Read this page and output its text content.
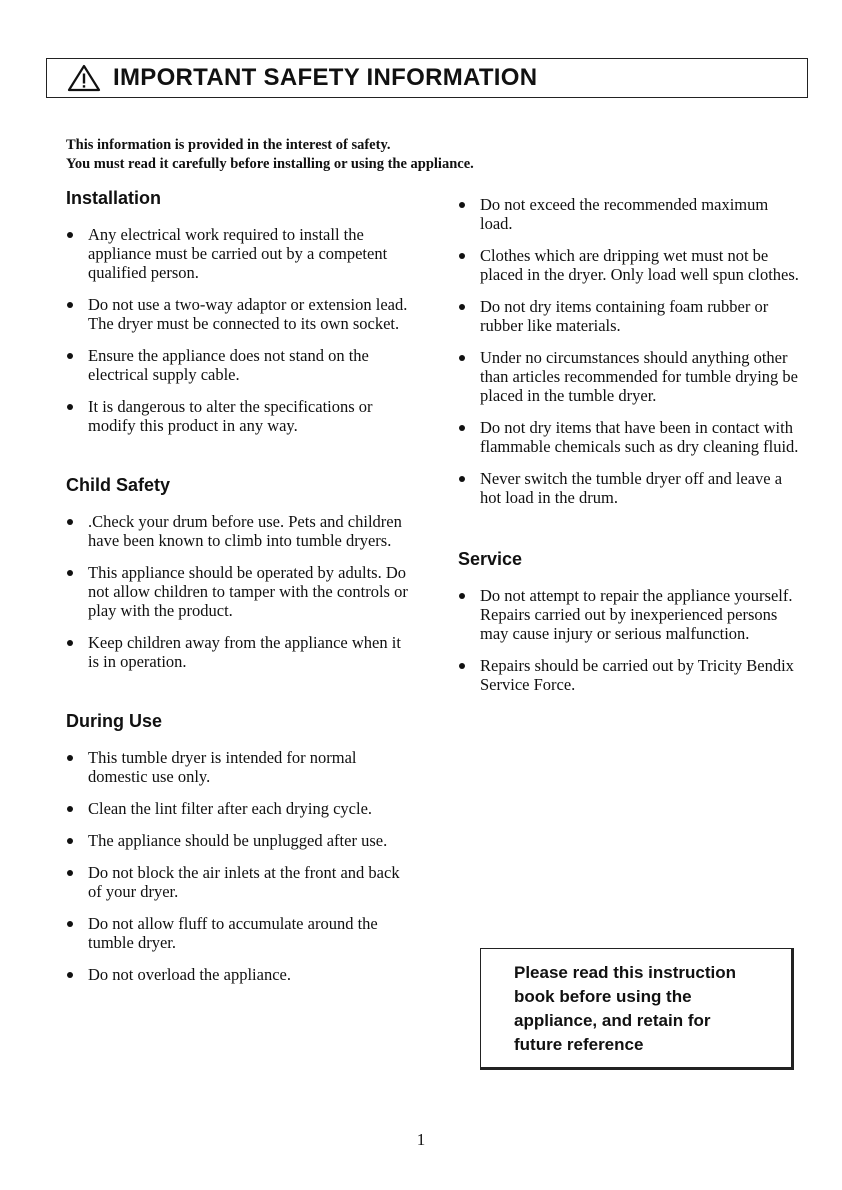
IMPORTANT SAFETY INFORMATION
This information is provided in the interest of safety.
You must read it carefully before installing or using the appliance.
Installation
Any electrical work required to install the appliance must be carried out by a competent qualified person.
Do not use a two-way adaptor or extension lead. The dryer must be connected to its own socket.
Ensure the appliance does not stand on the electrical supply cable.
It is dangerous to alter the specifications or modify this product in any way.
Child Safety
.Check your drum before use. Pets and children have been known to climb into tumble dryers.
This appliance should be operated by adults. Do not allow children to tamper with the controls or play with the product.
Keep children away from the appliance when it is in operation.
During Use
This tumble dryer is intended for normal domestic use only.
Clean the lint filter after each drying cycle.
The appliance should be unplugged after use.
Do not block the air inlets at the front and back of your dryer.
Do not allow fluff to accumulate around the tumble dryer.
Do not overload the appliance.
Do not exceed the recommended maximum load.
Clothes which are dripping wet must not be placed in the dryer. Only load well spun clothes.
Do not dry items containing foam rubber or rubber like materials.
Under no circumstances should anything other than articles recommended for tumble drying be placed in the tumble dryer.
Do not dry items that have been in contact with flammable chemicals such as dry cleaning fluid.
Never switch the tumble dryer off and leave a hot load in the drum.
Service
Do not attempt to repair the appliance yourself. Repairs carried out by inexperienced persons may cause injury or serious malfunction.
Repairs should be carried out by Tricity Bendix Service Force.
Please read this instruction
book before using the
appliance, and retain for
future reference
1
